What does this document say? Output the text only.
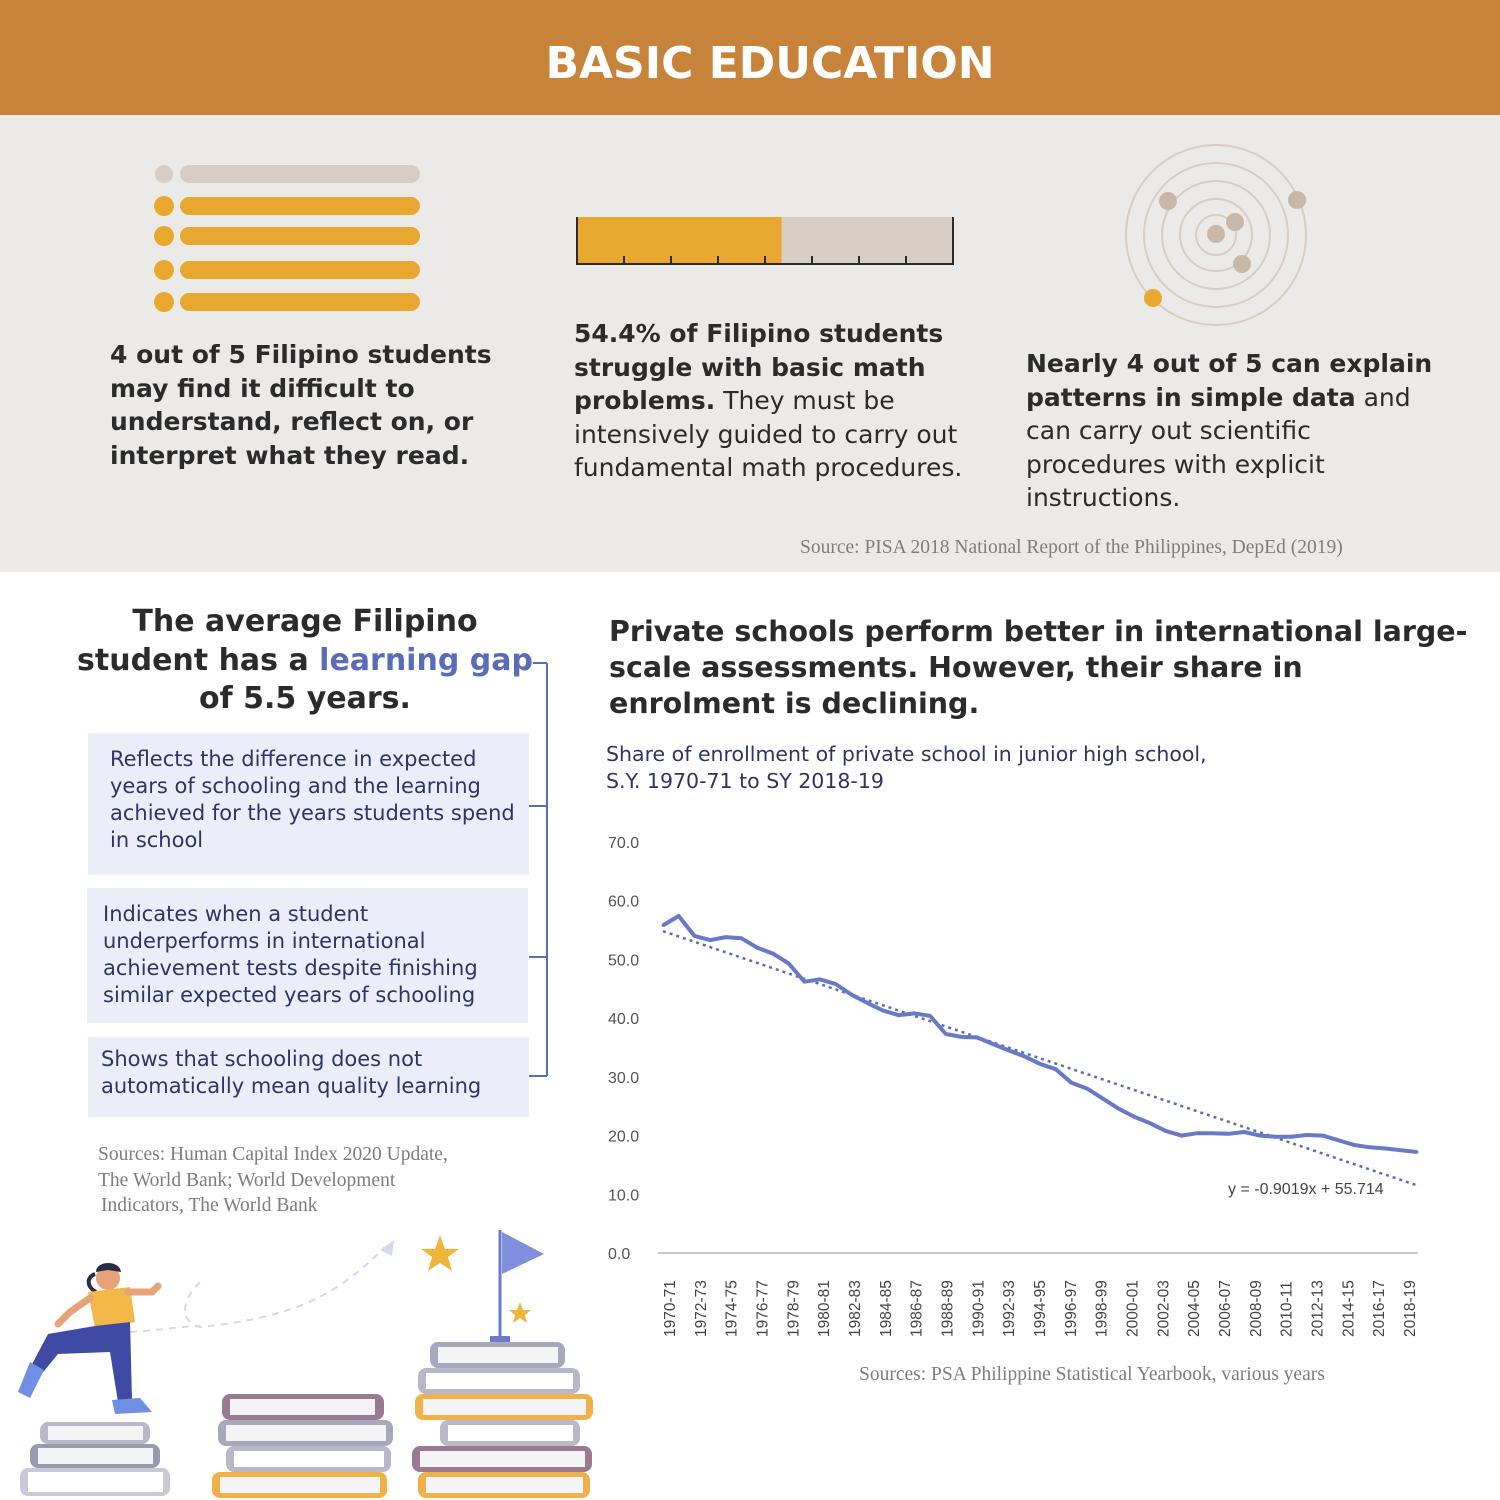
BASIC EDUCATION
4 out of 5 Filipino students may find it difficult to understand, reflect on, or interpret what they read.
54.4% of Filipino students struggle with basic math problems. They must be intensively guided to carry out fundamental math procedures.
Nearly 4 out of 5 can explain patterns in simple data and can carry out scientific procedures with explicit instructions.
Source: PISA 2018 National Report of the Philippines, DepEd (2019)
The average Filipino student has a learning gap of 5.5 years.
Reflects the difference in expected years of schooling and the learning achieved for the years students spend in school
Indicates when a student underperforms in international achievement tests despite finishing similar expected years of schooling
Shows that schooling does not automatically mean quality learning
Sources: Human Capital Index 2020 Update,
The World Bank; World Development
Indicators, The World Bank
Private schools perform better in international large-scale assessments. However, their share in enrolment is declining.
Share of enrollment of private school in junior high school,
S.Y. 1970-71 to SY 2018-19
0.0
10.0
20.0
30.0
40.0
50.0
60.0
70.0
1970-71 1972-73 1974-75 1976-77 1978-79 1980-81 1982-83 1984-85 1986-87 1988-89 1990-91 1992-93 1994-95 1996-97 1998-99 2000-01 2002-03 2004-05 2006-07 2008-09 2010-11 2012-13 2014-15 2016-17 2018-19
y = -0.9019x + 55.714
Sources: PSA Philippine Statistical Yearbook, various years
